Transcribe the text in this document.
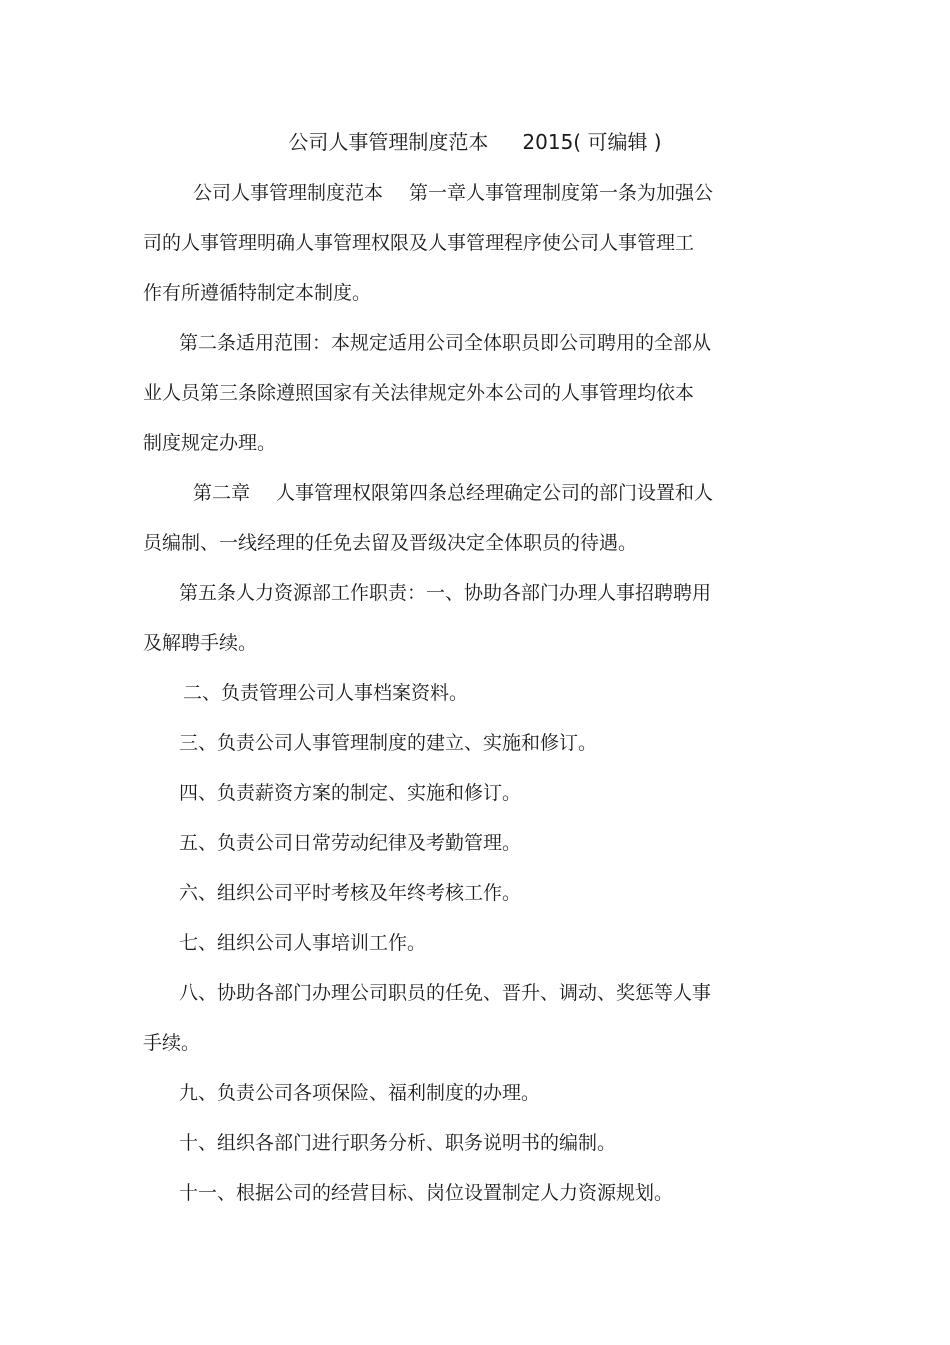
公司人事管理制度范本 2015( 可编辑 )
公司人事管理制度范本 第一章人事管理制度第一条为加强公
司的人事管理明确人事管理权限及人事管理程序使公司人事管理工
作有所遵循特制定本制度。
第二条适用范围：本规定适用公司全体职员即公司聘用的全部从
业人员第三条除遵照国家有关法律规定外本公司的人事管理均依本
制度规定办理。
第二章 人事管理权限第四条总经理确定公司的部门设置和人
员编制、一线经理的任免去留及晋级决定全体职员的待遇。
第五条人力资源部工作职责：一、协助各部门办理人事招聘聘用
及解聘手续。
二、负责管理公司人事档案资料。
三、负责公司人事管理制度的建立、实施和修订。
四、负责薪资方案的制定、实施和修订。
五、负责公司日常劳动纪律及考勤管理。
六、组织公司平时考核及年终考核工作。
七、组织公司人事培训工作。
八、协助各部门办理公司职员的任免、晋升、调动、奖惩等人事
手续。
九、负责公司各项保险、福利制度的办理。
十、组织各部门进行职务分析、职务说明书的编制。
十一、根据公司的经营目标、岗位设置制定人力资源规划。
